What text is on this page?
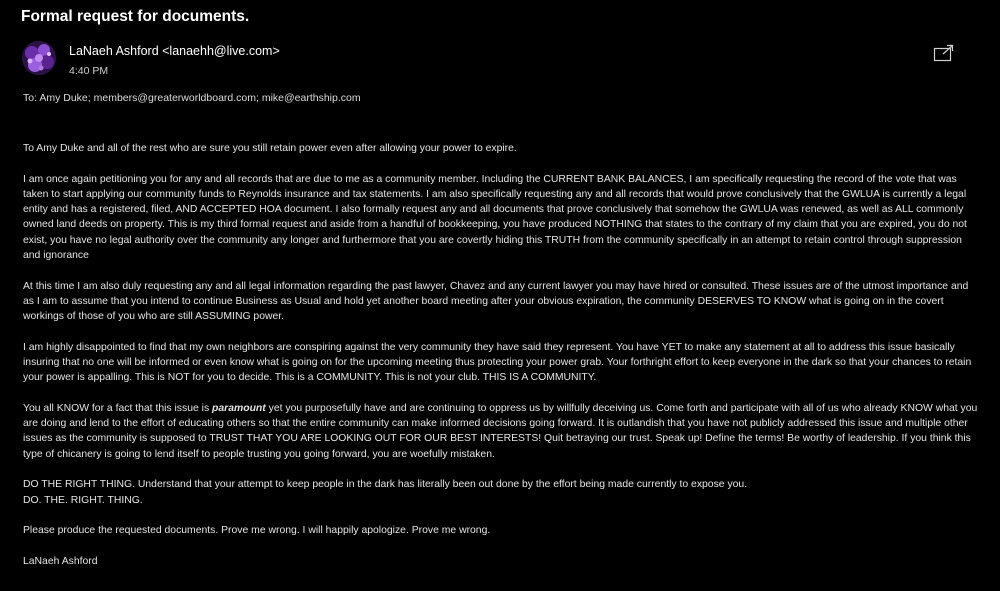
Formal request for documents.
LaNaeh Ashford <lanaehh@live.com>
4:40 PM
To: Amy Duke; members@greaterworldboard.com; mike@earthship.com

To Amy Duke and all of the rest who are sure you still retain power even after allowing your power to expire.

I am once again petitioning you for any and all records that are due to me as a community member. Including the CURRENT BANK BALANCES, I am specifically requesting the record of the vote that was taken to start applying our community funds to Reynolds insurance and tax statements. I am also specifically requesting any and all records that would prove conclusively that the GWLUA is currently a legal entity and has a registered, filed, AND ACCEPTED HOA document. I also formally request any and all documents that prove conclusively that somehow the GWLUA was renewed, as well as ALL commonly owned land deeds on property. This is my third formal request and aside from a handful of bookkeeping, you have produced NOTHING that states to the contrary of my claim that you are expired, you do not exist, you have no legal authority over the community any longer and furthermore that you are covertly hiding this TRUTH from the community specifically in an attempt to retain control through suppression and ignorance

At this time I am also duly requesting any and all legal information regarding the past lawyer, Chavez and any current lawyer you may have hired or consulted. These issues are of the utmost importance and as I am to assume that you intend to continue Business as Usual and hold yet another board meeting after your obvious expiration, the community DESERVES TO KNOW what is going on in the covert workings of those of you who are still ASSUMING power.

I am highly disappointed to find that my own neighbors are conspiring against the very community they have said they represent. You have YET to make any statement at all to address this issue basically insuring that no one will be informed or even know what is going on for the upcoming meeting thus protecting your power grab. Your forthright effort to keep everyone in the dark so that your chances to retain your power is appalling. This is NOT for you to decide. This is a COMMUNITY. This is not your club. THIS IS A COMMUNITY.

You all KNOW for a fact that this issue is paramount yet you purposefully have and are continuing to oppress us by willfully deceiving us. Come forth and participate with all of us who already KNOW what you are doing and lend to the effort of educating others so that the entire community can make informed decisions going forward. It is outlandish that you have not publicly addressed this issue and multiple other issues as the community is supposed to TRUST THAT YOU ARE LOOKING OUT FOR OUR BEST INTERESTS! Quit betraying our trust. Speak up! Define the terms! Be worthy of leadership. If you think this type of chicanery is going to lend itself to people trusting you going forward, you are woefully mistaken.

DO THE RIGHT THING. Understand that your attempt to keep people in the dark has literally been out done by the effort being made currently to expose you.

DO. THE. RIGHT. THING.

Please produce the requested documents. Prove me wrong. I will happily apologize. Prove me wrong.

LaNaeh Ashford
